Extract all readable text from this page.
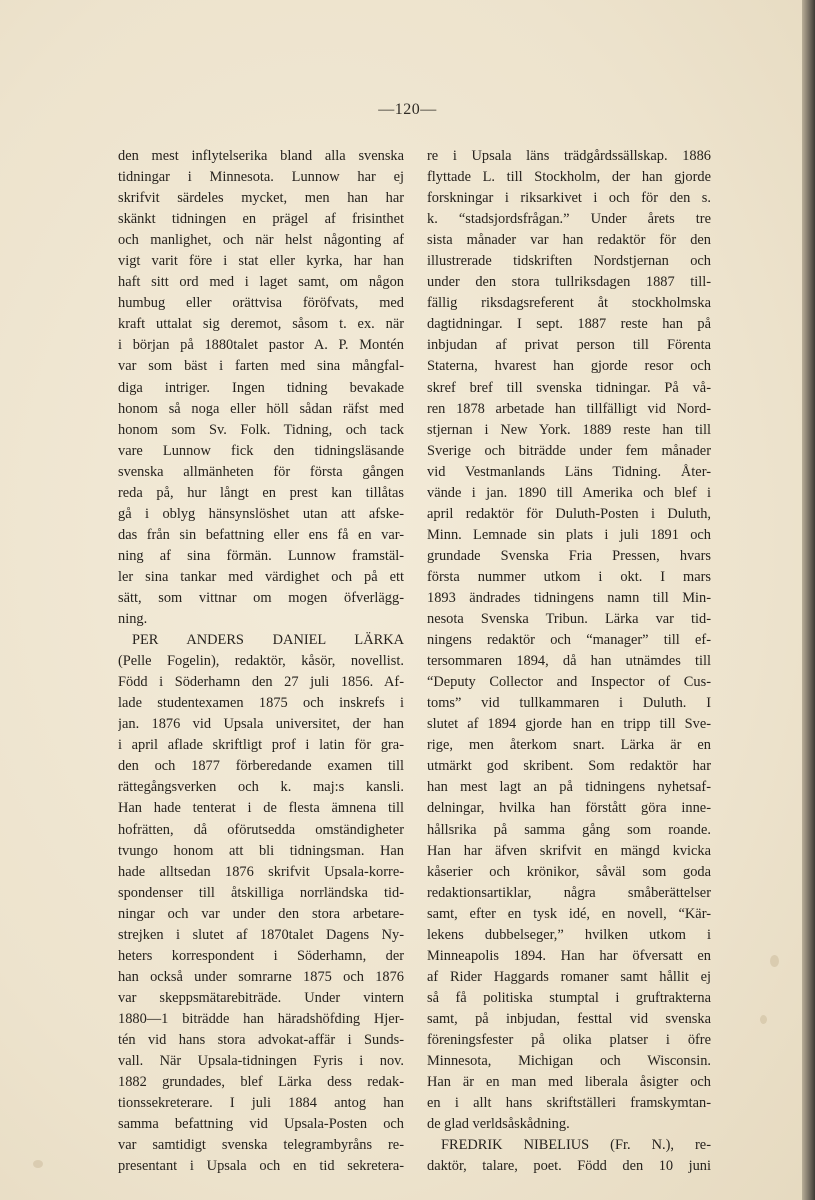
—120—
den mest inflytelserika bland alla svenska
tidningar i Minnesota. Lunnow har ej
skrifvit särdeles mycket, men han har
skänkt tidningen en prägel af frisinthet
och manlighet, och när helst någonting af
vigt varit före i stat eller kyrka, har han
haft sitt ord med i laget samt, om någon
humbug eller orättvisa föröfvats, med
kraft uttalat sig deremot, såsom t. ex. när
i början på 1880talet pastor A. P. Montén
var som bäst i farten med sina mångfal-
diga intriger. Ingen tidning bevakade
honom så noga eller höll sådan räfst med
honom som Sv. Folk. Tidning, och tack
vare Lunnow fick den tidningsläsande
svenska allmänheten för första gången
reda på, hur långt en prest kan tillåtas
gå i oblyg hänsynslöshet utan att afske-
das från sin befattning eller ens få en var-
ning af sina förmän. Lunnow framstäl-
ler sina tankar med värdighet och på ett
sätt, som vittnar om mogen öfverlägg-
ning.
PER ANDERS DANIEL LÄRKA
(Pelle Fogelin), redaktör, kåsör, novellist.
Född i Söderhamn den 27 juli 1856. Af-
lade studentexamen 1875 och inskrefs i
jan. 1876 vid Upsala universitet, der han
i april aflade skriftligt prof i latin för gra-
den och 1877 förberedande examen till
rättegångsverken och k. maj:s kansli.
Han hade tenterat i de flesta ämnena till
hofrätten, då oförutsedda omständigheter
tvungo honom att bli tidningsman. Han
hade alltsedan 1876 skrifvit Upsala-korre-
spondenser till åtskilliga norrländska tid-
ningar och var under den stora arbetare-
strejken i slutet af 1870talet Dagens Ny-
heters korrespondent i Söderhamn, der
han också under somrarne 1875 och 1876
var skeppsmätarebiträde. Under vintern
1880—1 biträdde han häradshöfding Hjer-
tén vid hans stora advokat-affär i Sunds-
vall. När Upsala-tidningen Fyris i nov.
1882 grundades, blef Lärka dess redak-
tionssekreterare. I juli 1884 antog han
samma befattning vid Upsala-Posten och
var samtidigt svenska telegrambyråns re-
presentant i Upsala och en tid sekretera-
re i Upsala läns trädgårdssällskap. 1886
flyttade L. till Stockholm, der han gjorde
forskningar i riksarkivet i och för den s.
k. “stadsjordsfrågan.” Under årets tre
sista månader var han redaktör för den
illustrerade tidskriften Nordstjernan och
under den stora tullriksdagen 1887 till-
fällig riksdagsreferent åt stockholmska
dagtidningar. I sept. 1887 reste han på
inbjudan af privat person till Förenta
Staterna, hvarest han gjorde resor och
skref bref till svenska tidningar. På vå-
ren 1878 arbetade han tillfälligt vid Nord-
stjernan i New York. 1889 reste han till
Sverige och biträdde under fem månader
vid Vestmanlands Läns Tidning. Åter-
vände i jan. 1890 till Amerika och blef i
april redaktör för Duluth-Posten i Duluth,
Minn. Lemnade sin plats i juli 1891 och
grundade Svenska Fria Pressen, hvars
första nummer utkom i okt. I mars
1893 ändrades tidningens namn till Min-
nesota Svenska Tribun. Lärka var tid-
ningens redaktör och “manager” till ef-
tersommaren 1894, då han utnämdes till
“Deputy Collector and Inspector of Cus-
toms” vid tullkammaren i Duluth. I
slutet af 1894 gjorde han en tripp till Sve-
rige, men återkom snart. Lärka är en
utmärkt god skribent. Som redaktör har
han mest lagt an på tidningens nyhetsaf-
delningar, hvilka han förstått göra inne-
hållsrika på samma gång som roande.
Han har äfven skrifvit en mängd kvicka
kåserier och krönikor, såväl som goda
redaktionsartiklar, några småberättelser
samt, efter en tysk idé, en novell, “Kär-
lekens dubbelseger,” hvilken utkom i
Minneapolis 1894. Han har öfversatt en
af Rider Haggards romaner samt hållit ej
så få politiska stumptal i gruftrakterna
samt, på inbjudan, festtal vid svenska
föreningsfester på olika platser i öfre
Minnesota, Michigan och Wisconsin.
Han är en man med liberala åsigter och
en i allt hans skriftställeri framskymtan-
de glad verldsåskådning.
FREDRIK NIBELIUS (Fr. N.), re-
daktör, talare, poet. Född den 10 juni
